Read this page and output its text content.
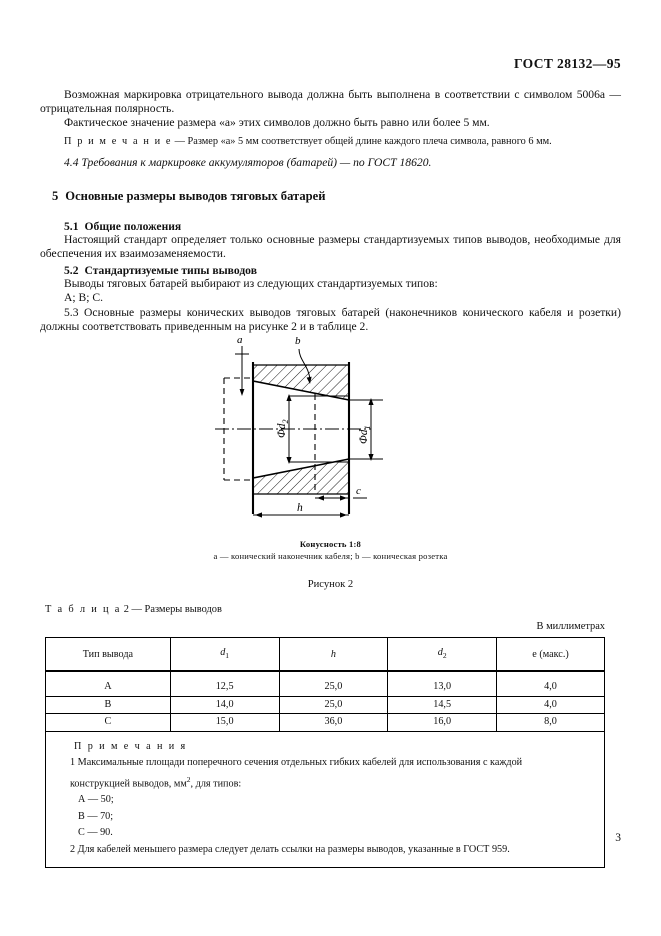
ГОСТ 28132—95

Возможная маркировка отрицательного вывода должна быть выполнена в соответствии с символом 5006а — отрицательная полярность.

Фактическое значение размера «а» этих символов должно быть равно или более 5 мм.

П р и м е ч а н и е — Размер «а» 5 мм соответствует общей длине каждого плеча символа, равного 6 мм.

4.4 Требования к маркировке аккумуляторов (батарей) — по ГОСТ 18620.

5 Основные размеры выводов тяговых батарей
5.1 Общие положения

Настоящий стандарт определяет только основные размеры стандартизуемых типов выводов, необходимые для обеспечения их взаимозаменяемости.

5.2 Стандартизуемые типы выводов

Выводы тяговых батарей выбирают из следующих стандартизуемых типов:

А; В; С.

5.3 Основные размеры конических выводов тяговых батарей (наконечников конического кабеля и розетки) должны соответствовать приведенным на рисунке 2 и в таблице 2.

a	b
$\Phi d_2$
$\Phi d_1$
c
h
Конусность 1:8
a — конический наконечник кабеля; b — коническая розетка
Рисунок 2
Т а б л и ц а 2 — Размеры выводов
В миллиметрах
Тип вывода	$d_1$	h	$d_2$	e (макс.)
А	12,5	25,0	13,0	4,0
В	14,0	25,0	14,5	4,0
С	15,0	36,0	16,0	8,0

П р и м е ч а н и я
1 Максимальные площади поперечного сечения отдельных гибких кабелей для использования с каждой
конструкцией выводов, $мм^2$, для типов:
А — 50;
В — 70;
С — 90.
2 Для кабелей меньшего размера следует делать ссылки на размеры выводов, указанные в ГОСТ 959.
3
